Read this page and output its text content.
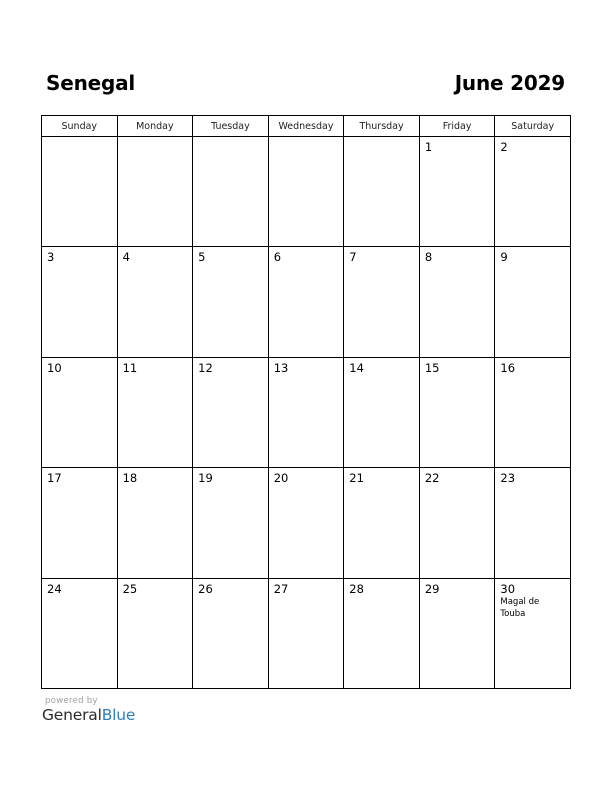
Senegal	June 2029
Sunday	Monday	Tuesday	Wednesday	Thursday	Friday	Saturday

					1	2

3	4	5	6	7	8	9

10	11	12	13	14	15	16

17	18	19	20	21	22	23

24	25	26	27	28	29	30
Magal de Touba
powered by
GeneralBlue
